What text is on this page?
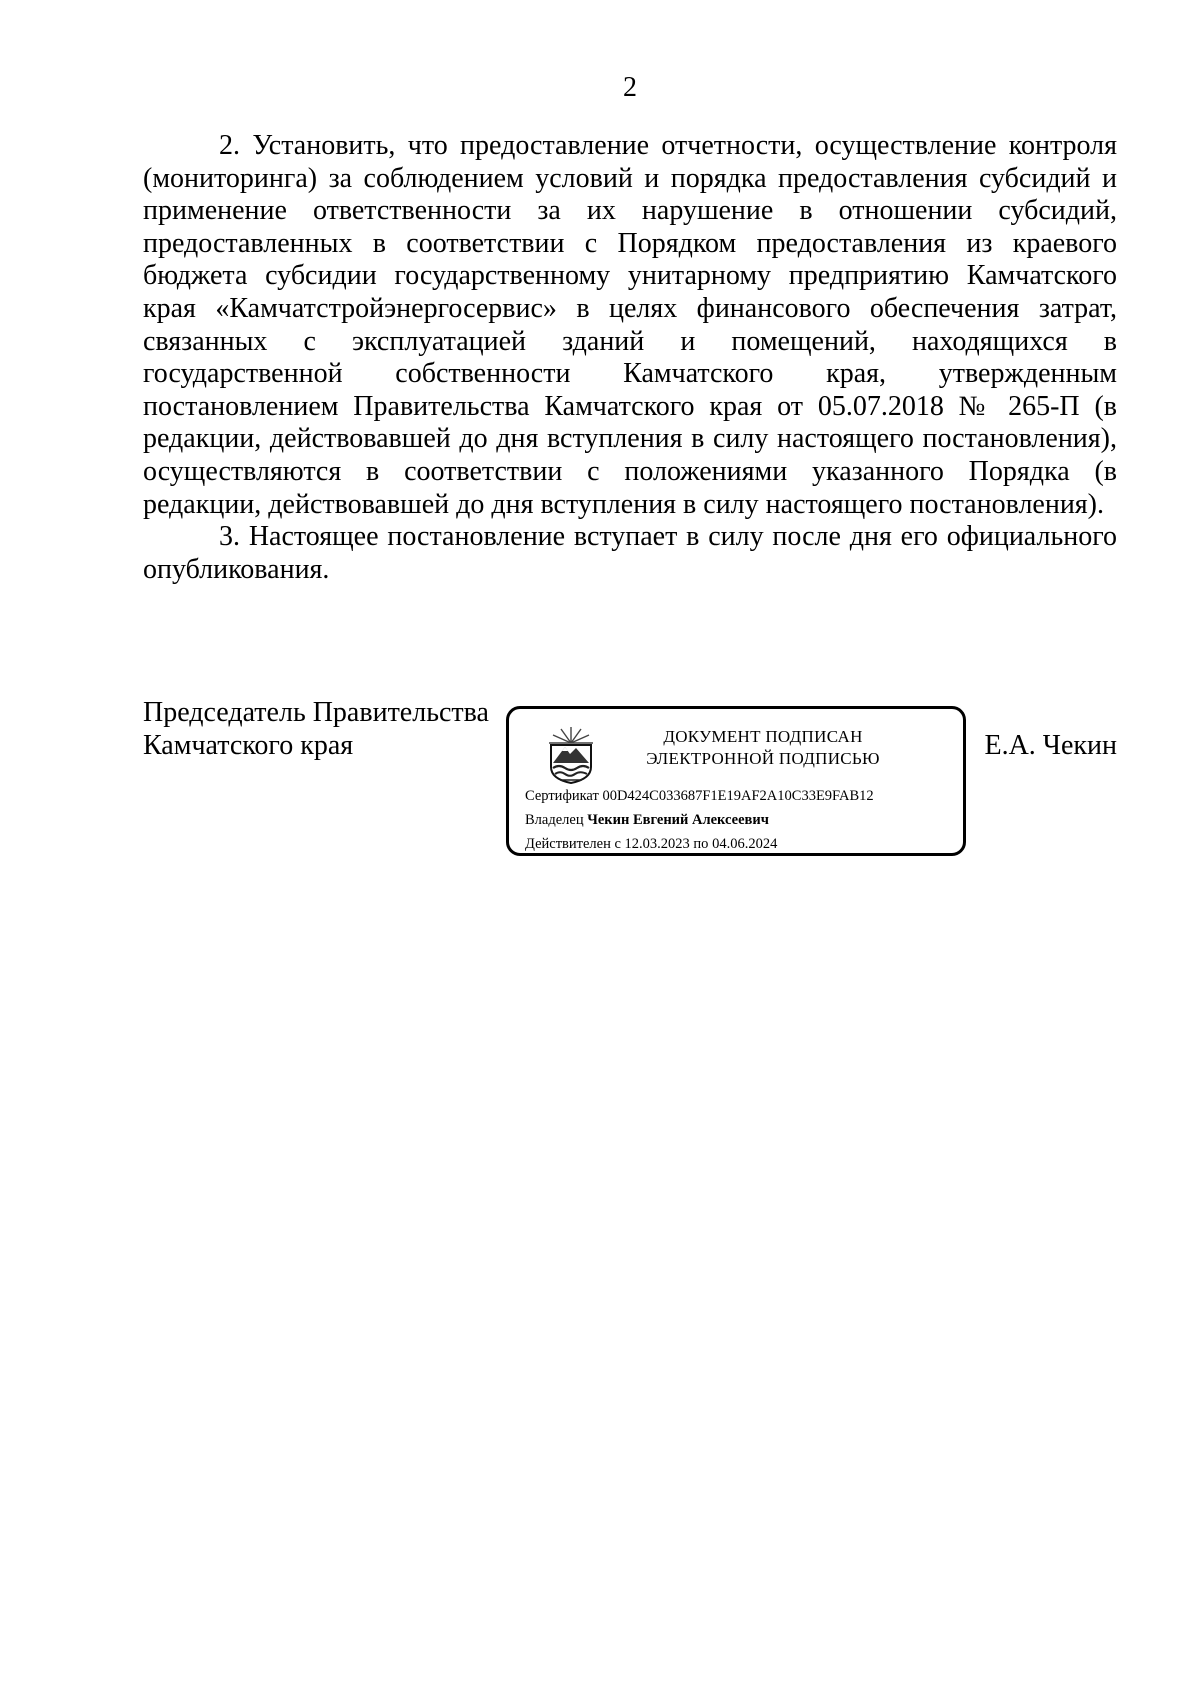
2

2. Установить, что предоставление отчетности, осуществление контроля (мониторинга) за соблюдением условий и порядка предоставления субсидий и применение ответственности за их нарушение в отношении субсидий, предоставленных в соответствии с Порядком предоставления из краевого бюджета субсидии государственному унитарному предприятию Камчатского края «Камчатстройэнергосервис» в целях финансового обеспечения затрат, связанных с эксплуатацией зданий и помещений, находящихся в государственной собственности Камчатского края, утвержденным постановлением Правительства Камчатского края от 05.07.2018 № 265-П (в редакции, действовавшей до дня вступления в силу настоящего постановления), осуществляются в соответствии с положениями указанного Порядка (в редакции, действовавшей до дня вступления в силу настоящего постановления).

3. Настоящее постановление вступает в силу после дня его официального опубликования.

Председатель Правительства
Камчатского края	ДОКУМЕНТ ПОДПИСАН
ЭЛЕКТРОННОЙ ПОДПИСЬЮ
Сертификат 00D424C033687F1E19AF2A10C33E9FAB12
Владелец Чекин Евгений Алексеевич
Действителен с 12.03.2023 по 04.06.2024
Е.А. Чекин
